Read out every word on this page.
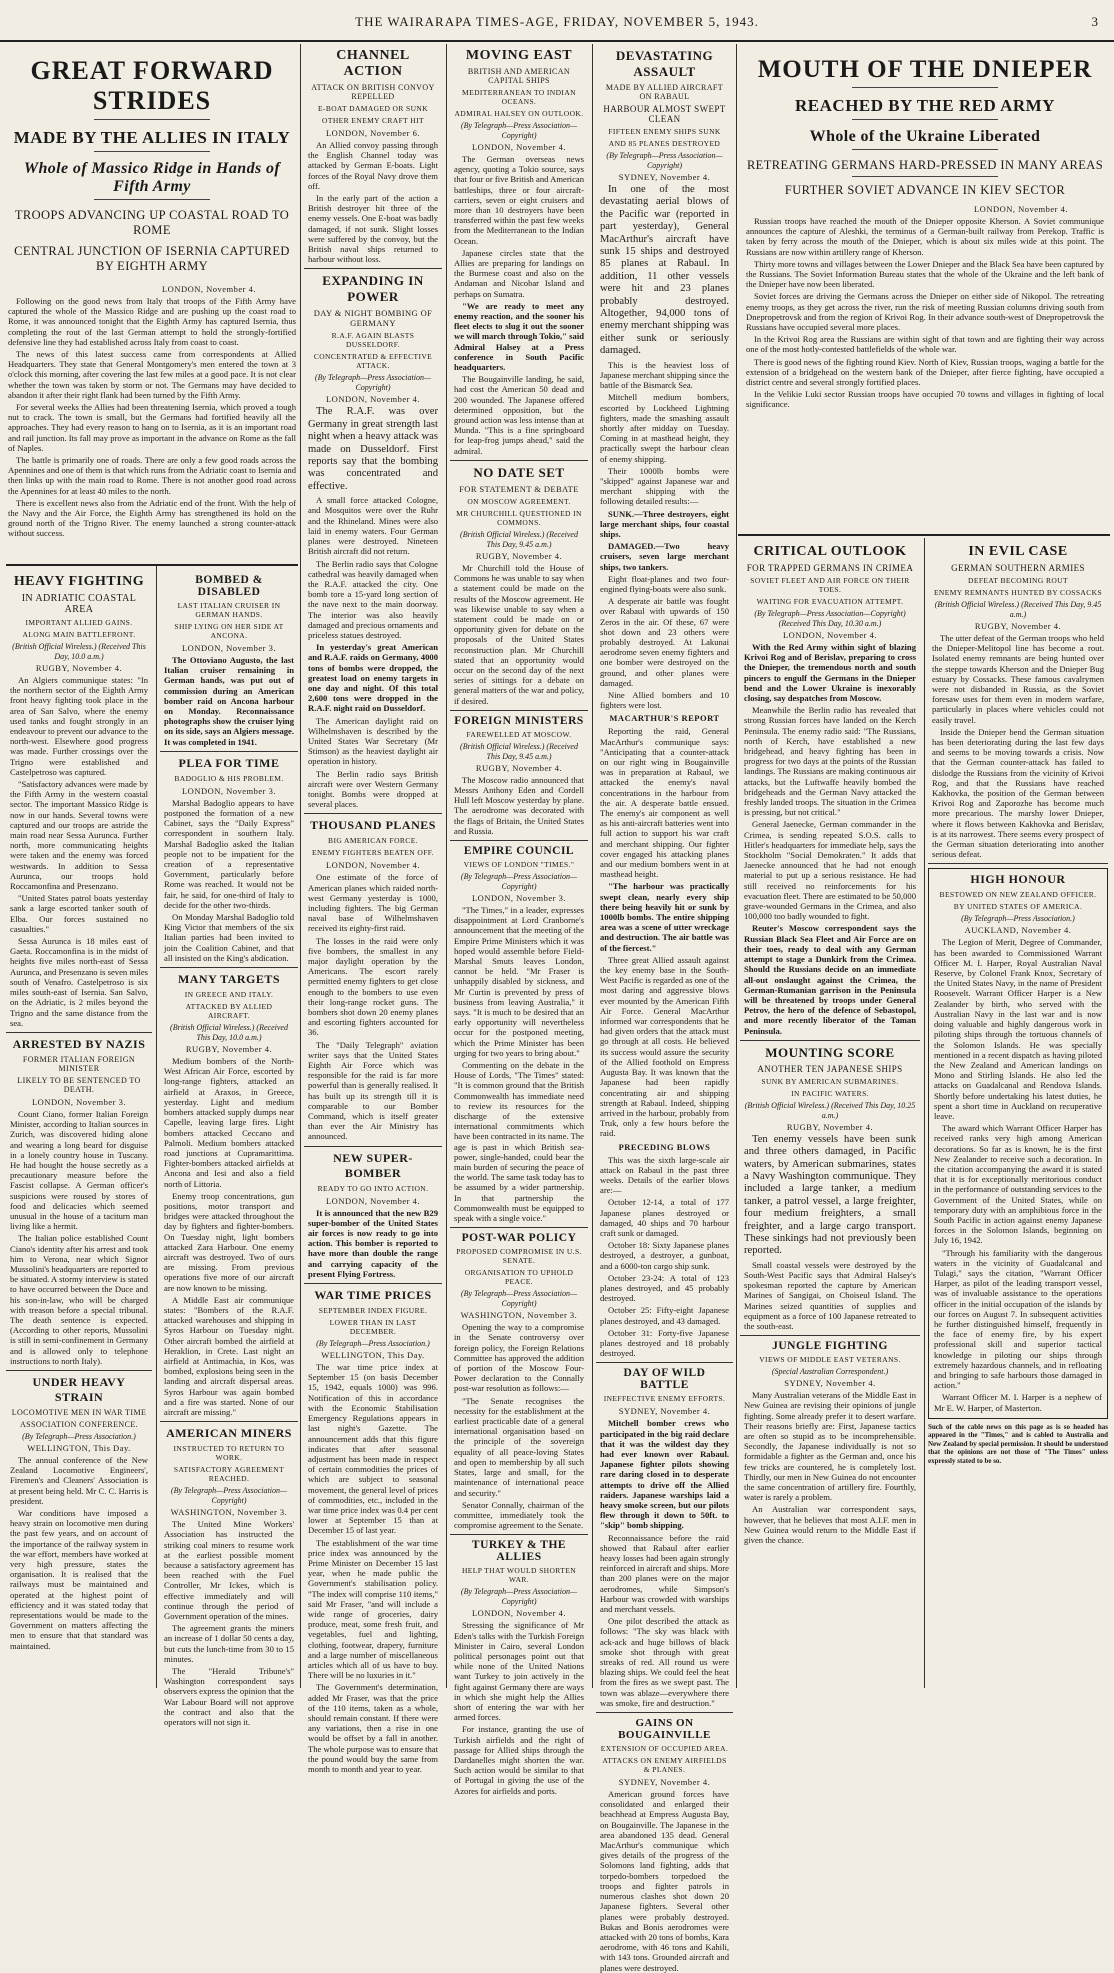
THE WAIRARAPA TIMES-AGE, FRIDAY, NOVEMBER 5, 1943.	3
GREAT FORWARD STRIDES
MADE BY THE ALLIES IN ITALY
Whole of Massico Ridge in Hands of Fifth Army
TROOPS ADVANCING UP COASTAL ROAD TO ROME
CENTRAL JUNCTION OF ISERNIA CAPTURED BY EIGHTH ARMY
LONDON, November 4.

Following on the good news from Italy that troops of the Fifth Army have captured the whole of the Massico Ridge and are pushing up the coast road to Rome, it was announced tonight that the Eighth Army has captured Isernia, thus completing the rout of the last German attempt to hold the strongly-fortified defensive line they had established across Italy from coast to coast.

The news of this latest success came from correspondents at Allied Headquarters. They state that General Montgomery's men entered the town at 3 o'clock this morning, after covering the last few miles at a good pace. It is not clear whether the town was taken by storm or not. The Germans may have decided to abandon it after their right flank had been turned by the Fifth Army.

For several weeks the Allies had been threatening Isernia, which proved a tough nut to crack. The town is small, but the Germans had fortified heavily all the approaches. They had every reason to hang on to Isernia, as it is an important road and rail junction. Its fall may prove as important in the advance on Rome as the fall of Naples.

The battle is primarily one of roads. There are only a few good roads across the Apennines and one of them is that which runs from the Adriatic coast to Isernia and then links up with the main road to Rome. There is not another good road across the Apennines for at least 40 miles to the north.

There is excellent news also from the Adriatic end of the front. With the help of the Navy and the Air Force, the Eighth Army has strengthened its hold on the ground north of the Trigno River. The enemy launched a strong counter-attack without success.

HEAVY FIGHTING
IN ADRIATIC COASTAL AREA
IMPORTANT ALLIED GAINS.
ALONG MAIN BATTLEFRONT.
(British Official Wireless.) (Received This Day, 10.0 a.m.)
RUGBY, November 4.

An Algiers communique states: "In the northern sector of the Eighth Army front heavy fighting took place in the area of San Salvo, where the enemy used tanks and fought strongly in an endeavour to prevent our advance to the north-west. Elsewhere good progress was made. Further crossings over the Trigno were established and Castelpetroso was captured.

"Satisfactory advances were made by the Fifth Army in the western coastal sector. The important Massico Ridge is now in our hands. Several towns were captured and our troops are astride the main road near Sessa Aurunca. Further north, more communicating heights were taken and the enemy was forced westwards. In addition to Sessa Aurunca, our troops hold Roccamonfina and Presenzano.

"United States patrol boats yesterday sank a large escorted tanker south of Elba. Our forces sustained no casualties."

Sessa Aurunca is 18 miles east of Gaeta. Roccamonfina is in the midst of heights five miles north-east of Sessa Aurunca, and Presenzano is seven miles south of Venafro. Castelpetroso is six miles south-east of Isernia. San Salvo, on the Adriatic, is 2 miles beyond the Trigno and the same distance from the sea.

ARRESTED BY NAZIS
FORMER ITALIAN FOREIGN MINISTER
LIKELY TO BE SENTENCED TO DEATH.
LONDON, November 3.

Count Ciano, former Italian Foreign Minister, according to Italian sources in Zurich, was discovered hiding alone and wearing a long beard for disguise in a lonely country house in Tuscany. He had bought the house secretly as a precautionary measure before the Fascist collapse. A German officer's suspicions were roused by stores of food and delicacies which seemed unusual in the house of a taciturn man living like a hermit.

The Italian police established Count Ciano's identity after his arrest and took him to Verona, near which Signor Mussolini's headquarters are reported to be situated. A stormy interview is stated to have occurred between the Duce and his son-in-law, who will be charged with treason before a special tribunal. The death sentence is expected. (According to other reports, Mussolini is still in semi-confinement in Germany and is allowed only to telephone instructions to north Italy).

UNDER HEAVY STRAIN
LOCOMOTIVE MEN IN WAR TIME
ASSOCIATION CONFERENCE.
(By Telegraph—Press Association.)
WELLINGTON, This Day.

The annual conference of the New Zealand Locomotive Engineers', Firemen's and Cleaners' Association is at present being held. Mr C. C. Harris is president.

War conditions have imposed a heavy strain on locomotive men during the past few years, and on account of the importance of the railway system in the war effort, members have worked at very high pressure, states the organisation. It is realised that the railways must be maintained and operated at the highest point of efficiency and it was stated today that representations would be made to the Government on matters affecting the men to ensure that that standard was maintained.

BOMBED & DISABLED
LAST ITALIAN CRUISER IN GERMAN HANDS.
SHIP LYING ON HER SIDE AT ANCONA.
LONDON, November 3.

The Ottoviano Augusto, the last Italian cruiser remaining in German hands, was put out of commission during an American bomber raid on Ancona harbour on Monday. Reconnaissance photographs show the cruiser lying on its side, says an Algiers message. It was completed in 1941.

PLEA FOR TIME
BADOGLIO & HIS PROBLEM.
LONDON, November 3.

Marshal Badoglio appears to have postponed the formation of a new Cabinet, says the "Daily Express" correspondent in southern Italy. Marshal Badoglio asked the Italian people not to be impatient for the creation of a representative Government, particularly before Rome was reached. It would not be fair, he said, for one-third of Italy to decide for the other two-thirds.

On Monday Marshal Badoglio told King Victor that members of the six Italian parties had been invited to join the Coalition Cabinet, and that all insisted on the King's abdication.

MANY TARGETS
IN GREECE AND ITALY.
ATTACKED BY ALLIED AIRCRAFT.
(British Official Wireless.) (Received This Day, 10.0 a.m.)
RUGBY, November 4.

Medium bombers of the North-West African Air Force, escorted by long-range fighters, attacked an airfield at Araxos, in Greece, yesterday. Light and medium bombers attacked supply dumps near Capelle, leaving large fires. Light bombers attacked Ceccano and Palmoli. Medium bombers attacked road junctions at Cupramarittima. Fighter-bombers attacked airfields at Ancona and Iesi and also a field north of Littoria.

Enemy troop concentrations, gun positions, motor transport and bridges were attacked throughout the day by fighters and fighter-bombers. On Tuesday night, light bombers attacked Zara Harbour. One enemy aircraft was destroyed. Two of ours are missing. From previous operations five more of our aircraft are now known to be missing.

A Middle East air communique states: "Bombers of the R.A.F. attacked warehouses and shipping in Syros Harbour on Tuesday night. Other aircraft bombed the airfield at Heraklion, in Crete. Last night an airfield at Antimachia, in Kos, was bombed, explosions being seen in the landing and aircraft dispersal areas. Syros Harbour was again bombed and a fire was started. None of our aircraft are missing."

AMERICAN MINERS
INSTRUCTED TO RETURN TO WORK.
SATISFACTORY AGREEMENT REACHED.
(By Telegraph—Press Association—Copyright)
WASHINGTON, November 3.

The United Mine Workers' Association has instructed the striking coal miners to resume work at the earliest possible moment because a satisfactory agreement has been reached with the Fuel Controller, Mr Ickes, which is effective immediately and will continue through the period of Government operation of the mines.

The agreement grants the miners an increase of 1 dollar 50 cents a day, but cuts the lunch-time from 30 to 15 minutes.

The "Herald Tribune's" Washington correspondent says observers express the opinion that the War Labour Board will not approve the contract and also that the operators will not sign it.

CHANNEL ACTION
ATTACK ON BRITISH CONVOY REPELLED
E-BOAT DAMAGED OR SUNK
OTHER ENEMY CRAFT HIT
LONDON, November 6.

An Allied convoy passing through the English Channel today was attacked by German E-boats. Light forces of the Royal Navy drove them off.

In the early part of the action a British destroyer hit three of the enemy vessels. One E-boat was badly damaged, if not sunk. Slight losses were suffered by the convoy, but the British naval ships returned to harbour without loss.

EXPANDING IN POWER
DAY & NIGHT BOMBING OF GERMANY
R.A.F. AGAIN BLASTS DUSSELDORF.
CONCENTRATED & EFFECTIVE ATTACK.
(By Telegraph—Press Association—Copyright)
LONDON, November 4.

The R.A.F. was over Germany in great strength last night when a heavy attack was made on Dusseldorf. First reports say that the bombing was concentrated and effective.

A small force attacked Cologne, and Mosquitos were over the Ruhr and the Rhineland. Mines were also laid in enemy waters. Four German planes were destroyed. Nineteen British aircraft did not return.

The Berlin radio says that Cologne cathedral was heavily damaged when the R.A.F. attacked the city. One bomb tore a 15-yard long section of the nave next to the main doorway. The interior was also heavily damaged and precious ornaments and priceless statues destroyed.

In yesterday's great American and R.A.F. raids on Germany, 4000 tons of bombs were dropped, the greatest load on enemy targets in one day and night. Of this total 2,600 tons were dropped in the R.A.F. night raid on Dusseldorf.

The American daylight raid on Wilhelmshaven is described by the United States War Secretary (Mr Stimson) as the heaviest daylight air operation in history.

The Berlin radio says British aircraft were over Western Germany tonight. Bombs were dropped at several places.

THOUSAND PLANES
BIG AMERICAN FORCE.
ENEMY FIGHTERS BEATEN OFF.
LONDON, November 4.

One estimate of the force of American planes which raided north-west Germany yesterday is 1000, including fighters. The big German naval base of Wilhelmshaven received its eighty-first raid.

The losses in the raid were only five bombers, the smallest in any major daylight operation by the Americans. The escort rarely permitted enemy fighters to get close enough to the bombers to use even their long-range rocket guns. The bombers shot down 20 enemy planes and escorting fighters accounted for 36.

The "Daily Telegraph" aviation writer says that the United States Eighth Air Force which was responsible for the raid is far more powerful than is generally realised. It has built up its strength till it is comparable to our Bomber Command, which is itself greater than ever the Air Ministry has announced.

NEW SUPER-BOMBER
READY TO GO INTO ACTION.
LONDON, November 4.

It is announced that the new B29 super-bomber of the United States air forces is now ready to go into action. This bomber is reported to have more than double the range and carrying capacity of the present Flying Fortress.

WAR TIME PRICES
SEPTEMBER INDEX FIGURE.
LOWER THAN IN LAST DECEMBER.
(By Telegraph—Press Association.)
WELLINGTON, This Day.

The war time price index at September 15 (on basis December 15, 1942, equals 1000) was 996. Notification of this in accordance with the Economic Stabilisation Emergency Regulations appears in last night's Gazette. The announcement adds that this figure indicates that after seasonal adjustment has been made in respect of certain commodities the prices of which are subject to seasonal movement, the general level of prices of commodities, etc., included in the war time price index was 0.4 per cent lower at September 15 than at December 15 of last year.

The establishment of the war time price index was announced by the Prime Minister on December 15 last year, when he made public the Government's stabilisation policy. "The index will comprise 110 items," said Mr Fraser, "and will include a wide range of groceries, dairy produce, meat, some fresh fruit, and vegetables, fuel and lighting, clothing, footwear, drapery, furniture and a large number of miscellaneous articles which all of us have to buy. There will be no luxuries in it."

The Government's determination, added Mr Fraser, was that the price of the 110 items, taken as a whole, should remain constant. If there were any variations, then a rise in one would be offset by a fall in another. The whole purpose was to ensure that the pound would buy the same from month to month and year to year.

MOVING EAST
BRITISH AND AMERICAN CAPITAL SHIPS
MEDITERRANEAN TO INDIAN OCEANS.
ADMIRAL HALSEY ON OUTLOOK.
(By Telegraph—Press Association—Copyright)
LONDON, November 4.

The German overseas news agency, quoting a Tokio source, says that four or five British and American battleships, three or four aircraft-carriers, seven or eight cruisers and more than 10 destroyers have been transferred within the past few weeks from the Mediterranean to the Indian Ocean.

Japanese circles state that the Allies are preparing for landings on the Burmese coast and also on the Andaman and Nicobar Island and perhaps on Sumatra.

"We are ready to meet any enemy reaction, and the sooner his fleet elects to slug it out the sooner we will march through Tokio," said Admiral Halsey at a Press conference in South Pacific headquarters.

The Bougainville landing, he said, had cost the American 50 dead and 200 wounded. The Japanese offered determined opposition, but the ground action was less intense than at Munda. "This is a fine springboard for leap-frog jumps ahead," said the admiral.

NO DATE SET
FOR STATEMENT & DEBATE
ON MOSCOW AGREEMENT.
MR CHURCHILL QUESTIONED IN COMMONS.
(British Official Wireless.) (Received This Day, 9.45 a.m.)
RUGBY, November 4.

Mr Churchill told the House of Commons he was unable to say when a statement could be made on the results of the Moscow agreement. He was likewise unable to say when a statement could be made on or opportunity given for debate on the proposals of the United States reconstruction plan. Mr Churchill stated that an opportunity would occur on the second day of the next series of sittings for a debate on general matters of the war and policy, if desired.

FOREIGN MINISTERS
FAREWELLED AT MOSCOW.
(British Official Wireless.) (Received This Day, 9.45 a.m.)
RUGBY, November 4.

The Moscow radio announced that Messrs Anthony Eden and Cordell Hull left Moscow yesterday by plane. The aerodrome was decorated with the flags of Britain, the United States and Russia.

EMPIRE COUNCIL
VIEWS OF LONDON "TIMES."
(By Telegraph—Press Association—Copyright)
LONDON, November 3.

"The Times," in a leader, expresses disappointment at Lord Cranborne's announcement that the meeting of the Empire Prime Ministers which it was hoped would assemble before Field-Marshal Smuts leaves London, cannot be held. "Mr Fraser is unhappily disabled by sickness, and Mr Curtin is prevented by press of business from leaving Australia," it says. "It is much to be desired that an early opportunity will nevertheless occur for the postponed meeting, which the Prime Minister has been urging for two years to bring about."

Commenting on the debate in the House of Lords, "The Times" stated: "It is common ground that the British Commonwealth has immediate need to review its resources for the discharge of the extensive international commitments which have been contracted in its name. The age is past in which British sea-power, single-handed, could bear the main burden of securing the peace of the world. The same task today has to be assumed by a wider partnership. In that partnership the Commonwealth must be equipped to speak with a single voice."

POST-WAR POLICY
PROPOSED COMPROMISE IN U.S. SENATE.
ORGANISATION TO UPHOLD PEACE.
(By Telegraph—Press Association—Copyright)
WASHINGTON, November 3.

Opening the way to a compromise in the Senate controversy over foreign policy, the Foreign Relations Committee has approved the addition of portion of the Moscow Four-Power declaration to the Connally post-war resolution as follows:—

"The Senate recognises the necessity for the establishment at the earliest practicable date of a general international organisation based on the principle of the sovereign equality of all peace-loving States and open to membership by all such States, large and small, for the maintenance of international peace and security."

Senator Connally, chairman of the committee, immediately took the compromise agreement to the Senate.

TURKEY & THE ALLIES
HELP THAT WOULD SHORTEN WAR.
(By Telegraph—Press Association—Copyright)
LONDON, November 4.

Stressing the significance of Mr Eden's talks with the Turkish Foreign Minister in Cairo, several London political personages point out that while none of the United Nations want Turkey to join actively in the fight against Germany there are ways in which she might help the Allies short of entering the war with her armed forces.

For instance, granting the use of Turkish airfields and the right of passage for Allied ships through the Dardanelles might shorten the war. Such action would be similar to that of Portugal in giving the use of the Azores for airfields and ports.

DEVASTATING ASSAULT
MADE BY ALLIED AIRCRAFT ON RABAUL
HARBOUR ALMOST SWEPT CLEAN
FIFTEEN ENEMY SHIPS SUNK
AND 85 PLANES DESTROYED
(By Telegraph—Press Association—Copyright)
SYDNEY, November 4.

In one of the most devastating aerial blows of the Pacific war (reported in part yesterday), General MacArthur's aircraft have sunk 15 ships and destroyed 85 planes at Rabaul. In addition, 11 other vessels were hit and 23 planes probably destroyed. Altogether, 94,000 tons of enemy merchant shipping was either sunk or seriously damaged.

This is the heaviest loss of Japanese merchant shipping since the battle of the Bismarck Sea.

Mitchell medium bombers, escorted by Lockheed Lightning fighters, made the smashing assault shortly after midday on Tuesday. Coming in at masthead height, they practically swept the harbour clean of enemy shipping.

Their 1000lb bombs were "skipped" against Japanese war and merchant shipping with the following detailed results:—

SUNK.—Three destroyers, eight large merchant ships, four coastal ships.

DAMAGED.—Two heavy cruisers, seven large merchant ships, two tankers.

Eight float-planes and two four-engined flying-boats were also sunk.

A desperate air battle was fought over Rabaul with upwards of 150 Zeros in the air. Of these, 67 were shot down and 23 others were probably destroyed. At Lakunai aerodrome seven enemy fighters and one bomber were destroyed on the ground, and other planes were damaged.

Nine Allied bombers and 10 fighters were lost.

MACARTHUR'S REPORT

Reporting the raid, General MacArthur's communique says: "Anticipating that a counter-attack on our right wing in Bougainville was in preparation at Rabaul, we attacked the enemy's naval concentrations in the harbour from the air. A desperate battle ensued. The enemy's air component as well as his anti-aircraft batteries went into full action to support his war craft and merchant shipping. Our fighter cover engaged his attacking planes and our medium bombers went in at masthead height.

"The harbour was practically swept clean, nearly every ship there being heavily hit or sunk by 1000lb bombs. The entire shipping area was a scene of utter wreckage and destruction. The air battle was of the fiercest."

Three great Allied assault against the key enemy base in the South-West Pacific is regarded as one of the most daring and aggressive blows ever mounted by the American Fifth Air Force. General MacArthur informed war correspondents that he had given orders that the attack must go through at all costs. He believed its success would assure the security of the Allied foothold on Empress Augusta Bay. It was known that the Japanese had been rapidly concentrating air and shipping strength at Rabaul. Indeed, shipping arrived in the harbour, probably from Truk, only a few hours before the raid.

PRECEDING BLOWS

This was the sixth large-scale air attack on Rabaul in the past three weeks. Details of the earlier blows are:—

October 12-14, a total of 177 Japanese planes destroyed or damaged, 40 ships and 70 harbour craft sunk or damaged.

October 18: Sixty Japanese planes destroyed, a destroyer, a gunboat, and a 6000-ton cargo ship sunk.

October 23-24: A total of 123 planes destroyed, and 45 probably destroyed.

October 25: Fifty-eight Japanese planes destroyed, and 43 damaged.

October 31: Forty-five Japanese planes destroyed and 18 probably destroyed.

DAY OF WILD BATTLE
INEFFECTIVE ENEMY EFFORTS.
SYDNEY, November 4.

Mitchell bomber crews who participated in the big raid declare that it was the wildest day they had ever known over Rabaul. Japanese fighter pilots showing rare daring closed in to desperate attempts to drive off the Allied raiders. Japanese warships laid a heavy smoke screen, but our pilots flew through it down to 50ft. to "skip" bomb shipping.

Reconnaissance before the raid showed that Rabaul after earlier heavy losses had been again strongly reinforced in aircraft and ships. More than 200 planes were on the major aerodromes, while Simpson's Harbour was crowded with warships and merchant vessels.

One pilot described the attack as follows: "The sky was black with ack-ack and huge billows of black smoke shot through with great streaks of red. All round us were blazing ships. We could feel the heat from the fires as we swept past. The town was ablaze—everywhere there was smoke, fire and destruction."

GAINS ON BOUGAINVILLE
EXTENSION OF OCCUPIED AREA.
ATTACKS ON ENEMY AIRFIELDS & PLANES.
SYDNEY, November 4.

American ground forces have consolidated and enlarged their beachhead at Empress Augusta Bay, on Bougainville. The Japanese in the area abandoned 135 dead. General MacArthur's communique which gives details of the progress of the Solomons land fighting, adds that torpedo-bombers torpedoed the troops and fighter patrols in numerous clashes shot down 20 Japanese fighters. Several other planes were probably destroyed. Bukas and Bonis aerodromes were attacked with 20 tons of bombs, Kara aerodrome, with 46 tons and Kahili, with 143 tons. Grounded aircraft and planes were destroyed.

MOUTH OF THE DNIEPER
REACHED BY THE RED ARMY
Whole of the Ukraine Liberated
RETREATING GERMANS HARD-PRESSED IN MANY AREAS
FURTHER SOVIET ADVANCE IN KIEV SECTOR
LONDON, November 4.

Russian troops have reached the mouth of the Dnieper opposite Kherson. A Soviet communique announces the capture of Aleshki, the terminus of a German-built railway from Perekop. Traffic is taken by ferry across the mouth of the Dnieper, which is about six miles wide at this point. The Russians are now within artillery range of Kherson.

Thirty more towns and villages between the Lower Dnieper and the Black Sea have been captured by the Russians. The Soviet Information Bureau states that the whole of the Ukraine and the left bank of the Dnieper have now been liberated.

Soviet forces are driving the Germans across the Dnieper on either side of Nikopol. The retreating enemy troops, as they get across the river, run the risk of meeting Russian columns driving south from Dnepropetrovsk and from the region of Krivoi Rog. In their advance south-west of Dnepropetrovsk the Russians have occupied several more places.

In the Krivoi Rog area the Russians are within sight of that town and are fighting their way across one of the most hotly-contested battlefields of the whole war.

There is good news of the fighting round Kiev. North of Kiev, Russian troops, waging a battle for the extension of a bridgehead on the western bank of the Dnieper, after fierce fighting, have occupied a district centre and several strongly fortified places.

In the Velikie Luki sector Russian troops have occupied 70 towns and villages in fighting of local significance.

CRITICAL OUTLOOK
FOR TRAPPED GERMANS IN CRIMEA
SOVIET FLEET AND AIR FORCE ON THEIR TOES.
WAITING FOR EVACUATION ATTEMPT.
(By Telegraph—Press Association—Copyright) (Received This Day, 10.30 a.m.)
LONDON, November 4.

With the Red Army within sight of blazing Krivoi Rog and of Berislav, preparing to cross the Dnieper, the tremendous north and south pincers to engulf the Germans in the Dnieper bend and the Lower Ukraine is inexorably closing, say despatches from Moscow.

Meanwhile the Berlin radio has revealed that strong Russian forces have landed on the Kerch Peninsula. The enemy radio said: "The Russians, north of Kerch, have established a new bridgehead, and heavy fighting has been in progress for two days at the points of the Russian landings. The Russians are making continuous air attacks, but the Luftwaffe heavily bombed the bridgeheads and the German Navy attacked the freshly landed troops. The situation in the Crimea is pressing, but not critical."

General Jaenecke, German commander in the Crimea, is sending repeated S.O.S. calls to Hitler's headquarters for immediate help, says the Stockholm "Social Demokraten." It adds that Jaenecke announced that he had not enough material to put up a serious resistance. He had still received no reinforcements for his evacuation fleet. There are estimated to be 50,000 grave-wounded Germans in the Crimea, and also 100,000 too badly wounded to fight.

Reuter's Moscow correspondent says the Russian Black Sea Fleet and Air Force are on their toes, ready to deal with any German attempt to stage a Dunkirk from the Crimea. Should the Russians decide on an immediate all-out onslaught against the Crimea, the German-Rumanian garrison in the Peninsula will be threatened by troops under General Petrov, the hero of the defence of Sebastopol, and more recently liberator of the Taman Peninsula.

MOUNTING SCORE
ANOTHER TEN JAPANESE SHIPS
SUNK BY AMERICAN SUBMARINES.
IN PACIFIC WATERS.
(British Official Wireless.) (Received This Day, 10.25 a.m.)
RUGBY, November 4.

Ten enemy vessels have been sunk and three others damaged, in Pacific waters, by American submarines, states a Navy Washington communique. They included a large tanker, a medium tanker, a patrol vessel, a large freighter, four medium freighters, a small freighter, and a large cargo transport. These sinkings had not previously been reported.

Small coastal vessels were destroyed by the South-West Pacific says that Admiral Halsey's spokesman reported the capture by American Marines of Sangigai, on Choiseul Island. The Marines seized quantities of supplies and equipment as a force of 100 Japanese retreated to the south-east.

JUNGLE FIGHTING
VIEWS OF MIDDLE EAST VETERANS.
(Special Australian Correspondent.)
SYDNEY, November 4.

Many Australian veterans of the Middle East in New Guinea are revising their opinions of jungle fighting. Some already prefer it to desert warfare. Their reasons briefly are: First, Japanese tactics are often so stupid as to be incomprehensible. Secondly, the Japanese individually is not so formidable a fighter as the German and, once his few tricks are countered, he is completely lost. Thirdly, our men in New Guinea do not encounter the same concentration of artillery fire. Fourthly, water is rarely a problem.

An Australian war correspondent says, however, that he believes that most A.I.F. men in New Guinea would return to the Middle East if given the chance.

IN EVIL CASE
GERMAN SOUTHERN ARMIES
DEFEAT BECOMING ROUT
ENEMY REMNANTS HUNTED BY COSSACKS
(British Official Wireless.) (Received This Day, 9.45 a.m.)
RUGBY, November 4.

The utter defeat of the German troops who held the Dnieper-Melitopol line has become a rout. Isolated enemy remnants are being hunted over the steppe towards Kherson and the Dnieper Bug estuary by Cossacks. These famous cavalrymen were not disbanded in Russia, as the Soviet foresaw uses for them even in modern warfare, particularly in places where vehicles could not easily travel.

Inside the Dnieper bend the German situation has been deteriorating during the last few days and seems to be moving towards a crisis. Now that the German counter-attack has failed to dislodge the Russians from the vicinity of Krivoi Rog, and that the Russians have reached Kakhovka, the position of the German between Krivoi Rog and Zaporozhe has become much more precarious. The marshy lower Dnieper, where it flows between Kakhovka and Berislav, is at its narrowest. There seems every prospect of the German situation deteriorating into another serious defeat.

HIGH HONOUR
BESTOWED ON NEW ZEALAND OFFICER.
BY UNITED STATES OF AMERICA.
(By Telegraph—Press Association.)
AUCKLAND, November 4.

The Legion of Merit, Degree of Commander, has been awarded to Commissioned Warrant Officer M. I. Harper, Royal Australian Naval Reserve, by Colonel Frank Knox, Secretary of the United States Navy, in the name of President Roosevelt. Warrant Officer Harper is a New Zealander by birth, who served with the Australian Navy in the last war and is now doing valuable and highly dangerous work in piloting ships through the tortuous channels of the Solomon Islands. He was specially mentioned in a recent dispatch as having piloted the New Zealand and American landings on Mono and Stirling Islands. He also led the attacks on Guadalcanal and Rendova Islands. Shortly before undertaking his latest duties, he spent a short time in Auckland on recuperative leave.

The award which Warrant Officer Harper has received ranks very high among American decorations. So far as is known, he is the first New Zealander to receive such a decoration. In the citation accompanying the award it is stated that it is for exceptionally meritorious conduct in the performance of outstanding services to the Government of the United States, while on temporary duty with an amphibious force in the South Pacific in action against enemy Japanese forces in the Solomon Islands, beginning on July 16, 1942.

"Through his familiarity with the dangerous waters in the vicinity of Guadalcanal and Tulagi," says the citation, "Warrant Officer Harper, as pilot of the leading transport vessel, was of invaluable assistance to the operations officer in the initial occupation of the islands by our forces on August 7. In subsequent activities he further distinguished himself, frequently in the face of enemy fire, by his expert professional skill and superior tactical knowledge in piloting our ships through extremely hazardous channels, and in refloating and bringing to safe harbours those damaged in action."

Warrant Officer M. I. Harper is a nephew of Mr E. W. Harper, of Masterton.

Such of the cable news on this page as is so headed has appeared in the "Times," and is cabled to Australia and New Zealand by special permission. It should be understood that the opinions are not those of "The Times" unless expressly stated to be so.
